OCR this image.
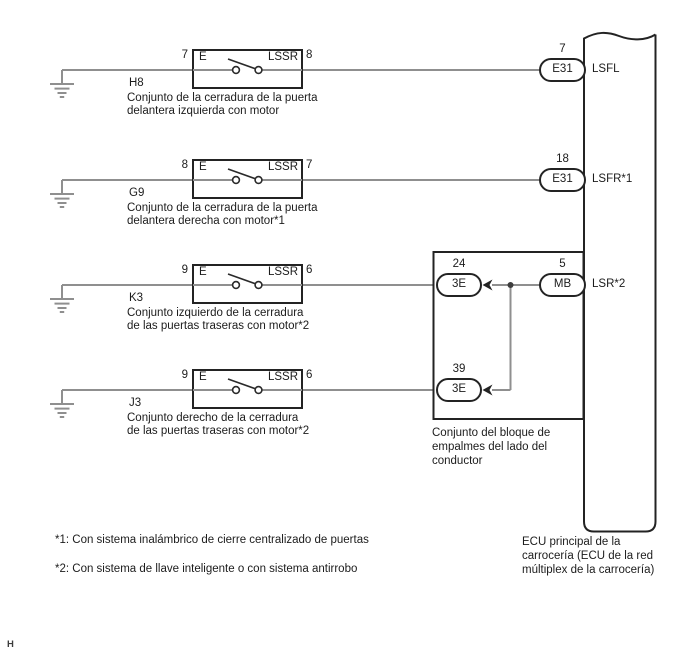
7	8
E	LSSR
H8
Conjunto de la cerradura de la puerta
delantera izquierda con motor
7
E31	LSFL
8	7
E	LSSR
G9
Conjunto de la cerradura de la puerta
delantera derecha con motor*1
18
E31	LSFR*1
9	6
E	LSSR
K3
Conjunto izquierdo de la cerradura
de las puertas traseras con motor*2
24
3E
5
MB	LSR*2
9	6
E	LSSR
J3
Conjunto derecho de la cerradura
de las puertas traseras con motor*2
39
3E
Conjunto del bloque de
empalmes del lado del
conductor
ECU principal de la
carrocería (ECU de la red
múltiplex de la carrocería)
*1: Con sistema inalámbrico de cierre centralizado de puertas
*2: Con sistema de llave inteligente o con sistema antirrobo
H
